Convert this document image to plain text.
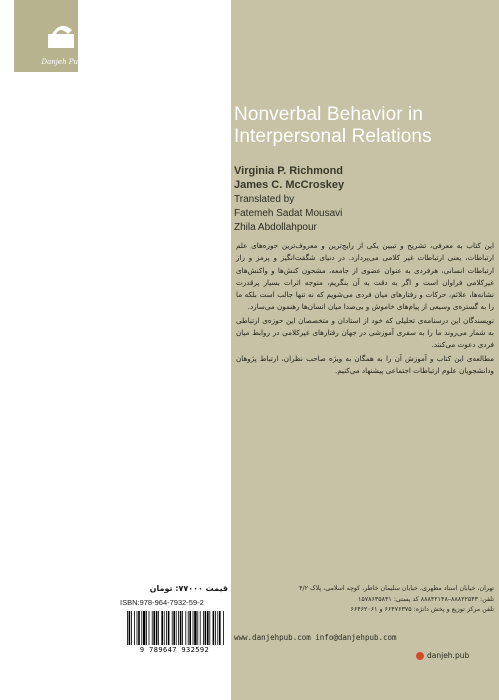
Danjeh Pub
Nonverbal Behavior in
Interpersonal Relations
Virginia P. Richmond
James C. McCroskey
Translated by
Fatemeh Sadat Mousavi
Zhila Abdollahpour

این کتاب به معرفی، تشریح و تبیین یکی از رایج‌ترین و معروف‌ترین حوزه‌های علم ارتباطات، یعنی ارتباطات غیر کلامی می‌پردازد. در دنیای شگفت‌انگیز و پرمز و راز ارتباطات انسانی، هرفردی به عنوان عضوی از جامعه، مشحون کنش‌ها و واکنش‌های غیرکلامی فراوان است و اگر به دقت به آن بنگریم، متوجه اثرات بسیار پرقدرت نشانه‌ها، علائم، حرکات و رفتارهای میان فردی می‌شویم که نه تنها جالب است بلکه ما را به گستره‌ی وسیعی از پیام‌های خاموش و بی‌صدا میان انسان‌ها رهنمون می‌سازد.

نویسندگان این درسنامه‌ی تحلیلی که خود از استادان و متخصصان این حوزه‌ی ارتباطی به شمار می‌روند ما را به سفری آموزشی در جهان رفتارهای غیرکلامی در روابط میان فردی دعوت می‌کنند.

مطالعه‌ی این کتاب و آموزش آن را به همگان به ویژه صاحب نظران، ارتباط پژوهان ودانشجویان علوم ارتباطات اجتماعی پیشنهاد می‌کنیم.

تهران، خیابان استاد مطهری، خیابان سلیمان خاطر، کوچه اسلامی، پلاک ۴/۲
تلفن: ۸۸۸۲۲۵۴۳–۸۸۸۴۲۱۴۸ کد پستی: ۱۵۷۸۶۳۵۸۳۱
تلفن مرکز توزیع و پخش دانژه: ۶۶۴۷۶۳۷۵ و ۶۶۴۶۲۰۶۱
www.danjehpub.com info@danjehpub.com
danjeh.pub
قیمت ۷۷۰۰۰: تومان
ISBN:978-964-7932-59-2
9 789647 932592
